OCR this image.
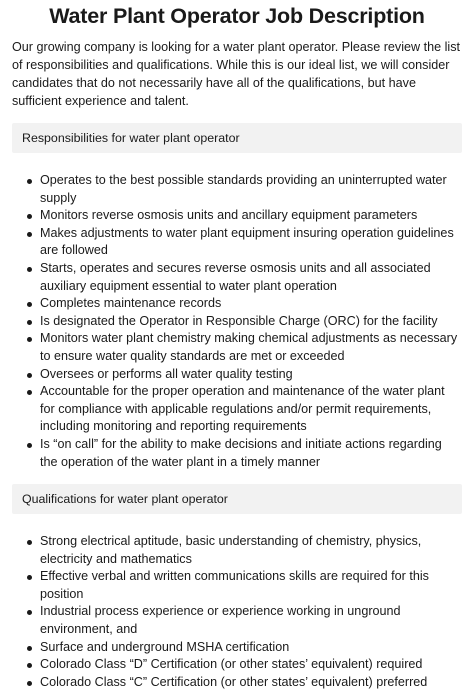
Water Plant Operator Job Description

Our growing company is looking for a water plant operator. Please review the list of responsibilities and qualifications. While this is our ideal list, we will consider candidates that do not necessarily have all of the qualifications, but have sufficient experience and talent.

Responsibilities for water plant operator
Operates to the best possible standards providing an uninterrupted water supply
Monitors reverse osmosis units and ancillary equipment parameters
Makes adjustments to water plant equipment insuring operation guidelines are followed
Starts, operates and secures reverse osmosis units and all associated auxiliary equipment essential to water plant operation
Completes maintenance records
Is designated the Operator in Responsible Charge (ORC) for the facility
Monitors water plant chemistry making chemical adjustments as necessary to ensure water quality standards are met or exceeded
Oversees or performs all water quality testing
Accountable for the proper operation and maintenance of the water plant for compliance with applicable regulations and/or permit requirements, including monitoring and reporting requirements
Is “on call” for the ability to make decisions and initiate actions regarding the operation of the water plant in a timely manner
Qualifications for water plant operator
Strong electrical aptitude, basic understanding of chemistry, physics, electricity and mathematics
Effective verbal and written communications skills are required for this position
Industrial process experience or experience working in unground environment, and
Surface and underground MSHA certification
Colorado Class “D” Certification (or other states’ equivalent) required
Colorado Class “C” Certification (or other states’ equivalent) preferred
